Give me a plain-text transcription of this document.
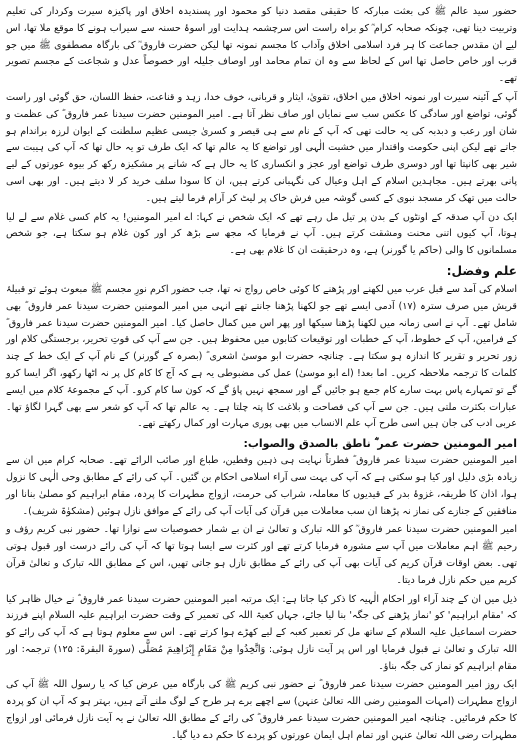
حضور سید عالم ﷺ کی بعثت مبارکہ کا حقیقی مقصد دنیا کو محمود اور پسندیدہ اخلاق اور پاکیزہ سیرت وکردار کی تعلیم وتربیت دینا تھی، چونکہ صحابہ کرام ؓ کو براہ راست اس سرچشمہ ہدایت اور اسوۂ حسنہ سے سیراب ہونے کا موقع ملا تھا، اس لیے ان مقدس جماعت کا ہر فرد اسلامی اخلاق وآداب کا مجسم نمونہ تھا لیکن حضرت فاروق ؓ کی بارگاہ مصطفوی ﷺ میں جو قرب اور خاص حاصل تھا اس کے لحاظ سے وہ ان تمام محامد اور اوصاف جلیلہ اور خصوصاً عدل و شجاعت کے مجسم تصویر تھے۔

آپ کے آئینہ سیرت اور نمونہ اخلاق میں اخلاق، تقویٰ، ایثار و قربانی، خوف خدا، زہد و قناعت، حفظ اللسان، حق گوئی اور راست گوئی، تواضع اور سادگی کا عکس سب سے نمایاں اور صاف نظر آتا ہے۔ امیر المومنین حضرت سیدنا عمر فاروق ؓ کی عظمت و شان اور رعب و دبدبہ کی یہ حالت تھی کہ آپ کے نام سے ہی قیصر و کسریٰ جیسی عظیم سلطنت کے ایوان لرزہ براندام ہو جاتے تھے لیکن اپنی حکومت واقتدار میں خشیت الٰہی اور تواضع کا یہ عالم تھا کہ ایک طرف تو یہ حال تھا کہ آپ کی ہیبت سے شیر بھی کانپتا تھا اور دوسری طرف تواضع اور عجز و انکساری کا یہ حال ہے کہ شانے پر مشکیزہ رکھ کر بیوہ عورتوں کے لیے پانی بھرتے ہیں۔ مجاہدین اسلام کے اہل وعیال کی نگہبانی کرتے ہیں، ان کا سودا سلف خرید کر لا دیتے ہیں۔ اور بھی اسی حالت میں تھک کر مسجد نبوی کے کسی گوشہ میں فرش خاک پر لیٹ کر آرام فرما لیتے ہیں۔

ایک دن آپ صدقہ کے اونٹوں کے بدن پر تیل مل رہے تھے کہ ایک شخص نے کہا: اے امیر المومنین! یہ کام کسی غلام سے لے لیا ہوتا، آپ کیوں اتنی محنت ومشقت کرتے ہیں۔ آپ نے فرمایا کہ مجھ سے بڑھ کر اور کون غلام ہو سکتا ہے، جو شخص مسلمانوں کا والی (حاکم یا گورنر) ہے، وہ درحقیقت ان کا غلام بھی ہے۔

علم وفضل:

اسلام کی آمد سے قبل عرب میں لکھنے اور پڑھنے کا کوئی خاص رواج نہ تھا، جب حضور اکرم نورِ مجسم ﷺ مبعوث ہوئے تو قبیلۂ قریش میں صرف سترہ (۱۷) آدمی ایسے تھے جو لکھنا پڑھنا جانتے تھے انہی میں امیر المومنین حضرت سیدنا عمر فاروق ؓ بھی شامل تھے۔ آپ نے اسی زمانہ میں لکھنا پڑھنا سیکھا اور پھر اس میں کمال حاصل کیا۔ امیر المومنین حضرت سیدنا عمر فاروق ؓ کے فرامین، آپ کے خطوط، آپ کے خطبات اور توقیعات کتابوں میں محفوظ ہیں۔ جن سے آپ کی قوتِ تحریر، برجستگی کلام اور زور تحریر و تقریر کا اندازہ ہو سکتا ہے۔ چنانچہ حضرت ابو موسیٰ اشعری ؓ (بصرہ کے گورنر) کے نام آپ کے ایک خط کے چند کلمات کا ترجمہ ملاحظہ کریں۔ اما بعد! (اے ابو موسیٰ) عمل کی مضبوطی یہ ہے کہ آج کا کام کل پر نہ اٹھا رکھو، اگر ایسا کرو گے تو تمہارے پاس بہت سارے کام جمع ہو جائیں گے اور سمجھ نہیں پاؤ گے کہ کون سا کام کرو۔ آپ کے مجموعۂ کلام میں ایسے عبارات بکثرت ملتی ہیں۔ جن سے آپ کی فصاحت و بلاغت کا پتہ چلتا ہے۔ یہ عالم تھا کہ آپ کو شعر سے بھی گہرا لگاؤ تھا۔ عربی ادب کی جان ہیں اسی طرح آپ علم الانساب میں بھی پوری مہارت اور کمال رکھتے تھے۔

امیر المومنین حضرت عمر ؓ ناطق بالصدق والصواب:

امیر المومنین حضرت سیدنا عمر فاروق ؓ فطرتاً نہایت ہی ذہین وفطین، طباع اور صائب الرائے تھے۔ صحابہ کرام میں ان سے زیادہ بڑی دلیل اور کیا ہو سکتی ہے کہ آپ کی بہت سی آراء اسلامی احکام بن گئیں۔ آپ کی رائے کے مطابق وحی الٰہی کا نزول ہوا، اذان کا طریقہ، غزوۂ بدر کے قیدیوں کا معاملہ، شراب کی حرمت، ازواج مطہرات کا پردہ، مقام ابراہیم کو مصلیٰ بنانا اور منافقین کے جنازے کی نماز نہ پڑھنا ان سب معاملات میں قرآن کی آیات آپ کی رائے کے موافق نازل ہوئیں (مشکوٰۃ شریف)۔

امیر المومنین حضرت سیدنا عمر فاروق ؓ کو اللہ تبارک و تعالیٰ نے ان بے شمار خصوصیات سے نوازا تھا۔ حضور نبی کریم رؤف و رحیم ﷺ اہم معاملات میں آپ سے مشورہ فرمایا کرتے تھے اور کثرت سے ایسا ہوتا تھا کہ آپ کی رائے درست اور قبول ہوتی تھی۔ بعض اوقات قرآن کریم کی آیات بھی آپ کی رائے کے مطابق نازل ہو جاتی تھیں، اس کے مطابق اللہ تبارک و تعالیٰ قرآن کریم میں حکم نازل فرما دیتا۔

ذیل میں ان کے چند آراء اور احکام الٰہیہ کا ذکر کیا جاتا ہے: ایک مرتبہ امیر المومنین حضرت سیدنا عمر فاروق ؓ نے خیال ظاہر کیا کہ 'مقام ابراہیم' کو 'نماز پڑھنے کی جگہ' بنا لیا جائے، جہاں کعبۃ اللہ کی تعمیر کے وقت حضرت ابراہیم علیہ السلام اپنے فرزند حضرت اسماعیل علیہ السلام کے ساتھ مل کر تعمیر کعبہ کے لیے کھڑے ہوا کرتے تھے۔ اس سے معلوم ہوتا ہے کہ آپ کی رائے کو اللہ تبارک و تعالیٰ نے قبول فرمایا اور اس پر آیت نازل ہوئی: وَاتَّخِذُوا مِنْ مَقَامِ إِبْرَاهِيمَ مُصَلًّى (سورۃ البقرۃ: ۱۲۵) ترجمہ: اور مقام ابراہیم کو نماز کی جگہ بناؤ۔

ایک روز امیر المومنین حضرت سیدنا عمر فاروق ؓ نے حضور نبی کریم ﷺ کی بارگاہ میں عرض کیا کہ یا رسول اللہ ﷺ آپ کی ازواج مطہرات (امہات المومنین رضی اللہ تعالیٰ عنہن) سے اچھے برے ہر طرح کے لوگ ملنے آتے ہیں، بہتر ہو کہ آپ ان کو پردہ کا حکم فرمائیں۔ چنانچہ امیر المومنین حضرت سیدنا عمر فاروق ؓ کی رائے کے مطابق اللہ تعالیٰ نے یہ آیت نازل فرمائی اور ازواج مطہرات رضی اللہ تعالیٰ عنہن اور تمام اہل ایمان عورتوں کو پردے کا حکم دے دیا گیا۔
